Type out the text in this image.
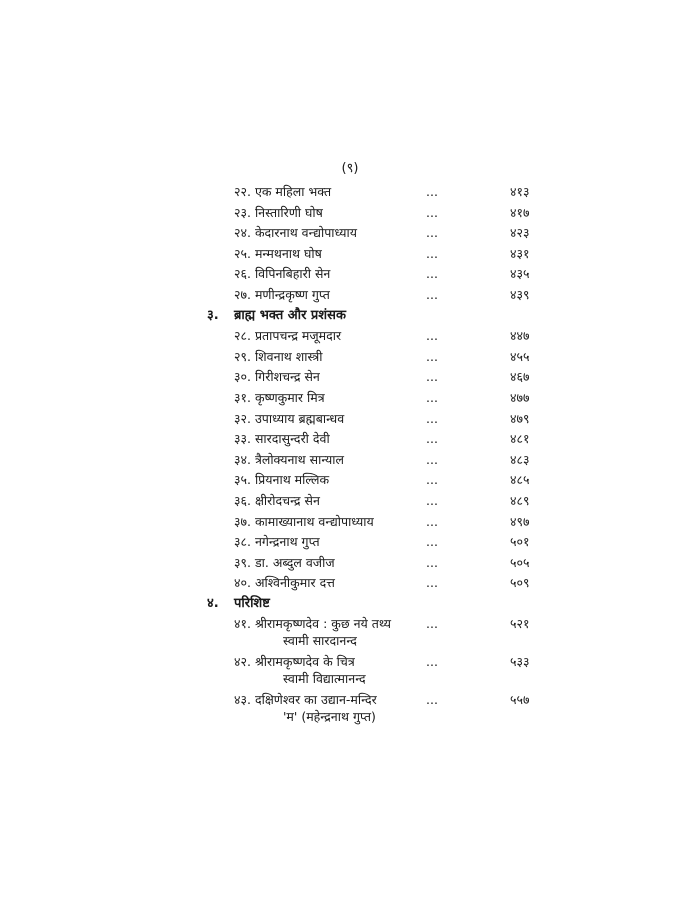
(९)
२२. एक महिला भक्त	...	४१३
२३. निस्तारिणी घोष	...	४१७
२४. केदारनाथ वन्द्योपाध्याय	...	४२३
२५. मन्मथनाथ घोष	...	४३१
२६. विपिनबिहारी सेन	...	४३५
२७. मणीन्द्रकृष्ण गुप्त	...	४३९
३. ब्राह्म भक्त और प्रशंसक
२८. प्रतापचन्द्र मजूमदार	...	४४७
२९. शिवनाथ शास्त्री	...	४५५
३०. गिरीशचन्द्र सेन	...	४६७
३१. कृष्णकुमार मित्र	...	४७७
३२. उपाध्याय ब्रह्मबान्धव	...	४७९
३३. सारदासुन्दरी देवी	...	४८१
३४. त्रैलोक्यनाथ सान्याल	...	४८३
३५. प्रियनाथ मल्लिक	...	४८५
३६. क्षीरोदचन्द्र सेन	...	४८९
३७. कामाख्यानाथ वन्द्योपाध्याय	...	४९७
३८. नगेन्द्रनाथ गुप्त	...	५०१
३९. डा. अब्दुल वजीज	...	५०५
४०. अश्विनीकुमार दत्त	...	५०९
४. परिशिष्ट
४१. श्रीरामकृष्णदेव : कुछ नये तथ्य
स्वामी सारदानन्द
...	५२१
४२. श्रीरामकृष्णदेव के चित्र
स्वामी विद्यात्मानन्द
...	५३३
४३. दक्षिणेश्वर का उद्यान-मन्दिर
'म' (महेन्द्रनाथ गुप्त)
...	५५७
